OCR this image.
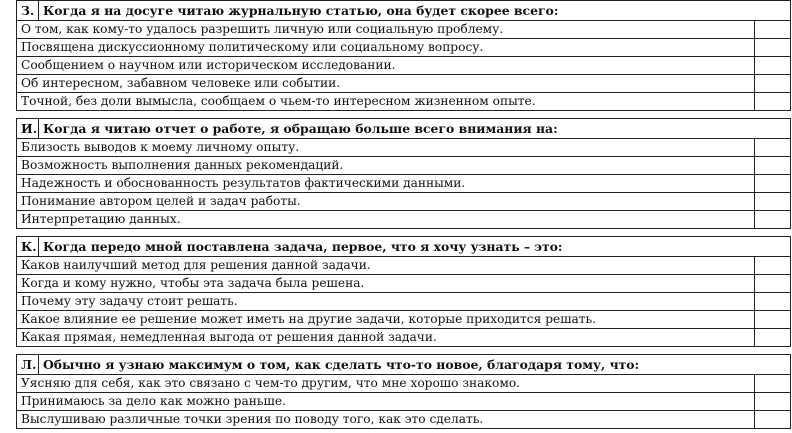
З.	Когда я на досуге читаю журнальную статью, она будет скорее всего:	
О том, как кому-то удалось разрешить личную или социальную проблему.		
Посвящена дискуссионному политическому или социальному вопросу.		
Сообщением о научном или историческом исследовании.		
Об интересном, забавном человеке или событии.		
Точной, без доли вымысла, сообщаем о чьем-то интересном жизненном опыте.		

И.	Когда я читаю отчет о работе, я обращаю больше всего внимания на:	
Близость выводов к моему личному опыту.		
Возможность выполнения данных рекомендаций.		
Надежность и обоснованность результатов фактическими данными.		
Понимание автором целей и задач работы.		
Интерпретацию данных.		

К.	Когда передо мной поставлена задача, первое, что я хочу узнать – это:	
Каков наилучший метод для решения данной задачи.		
Когда и кому нужно, чтобы эта задача была решена.		
Почему эту задачу стоит решать.		
Какое влияние ее решение может иметь на другие задачи, которые приходится решать.		
Какая прямая, немедленная выгода от решения данной задачи.		

Л.	Обычно я узнаю максимум о том, как сделать что-то новое, благодаря тому, что:	
Уясняю для себя, как это связано с чем-то другим, что мне хорошо знакомо.		
Принимаюсь за дело как можно раньше.		
Выслушиваю различные точки зрения по поводу того, как это сделать.		
